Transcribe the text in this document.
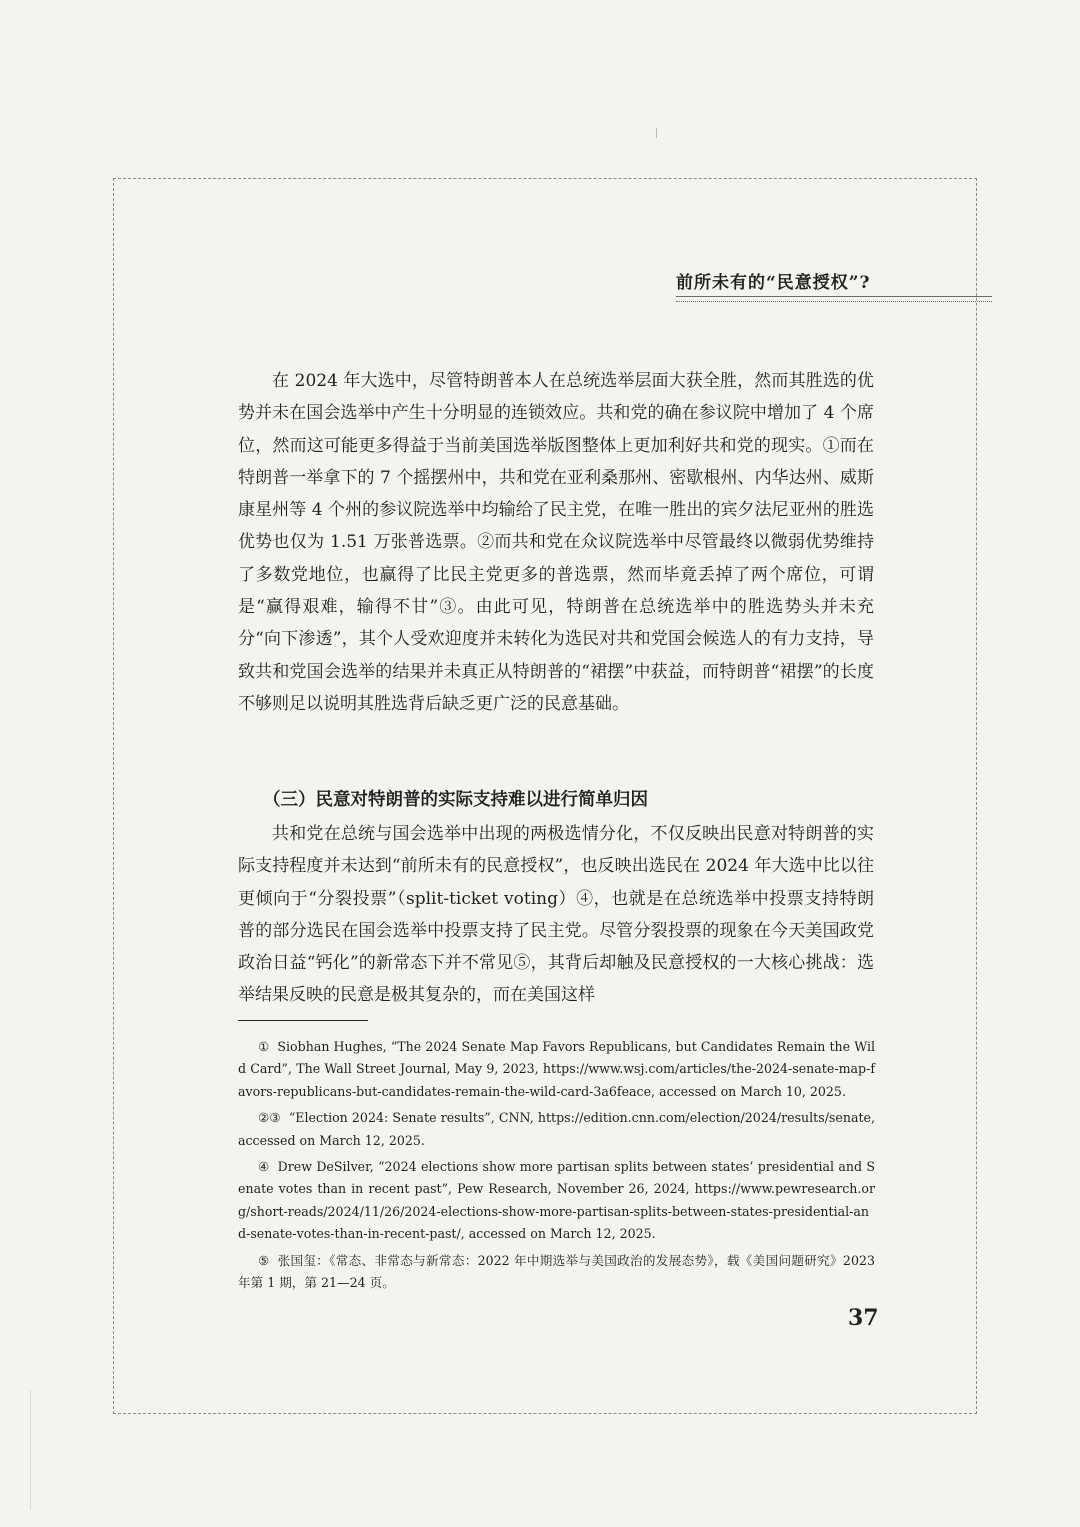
前所未有的“民意授权”?

在 2024 年大选中，尽管特朗普本人在总统选举层面大获全胜，然而其胜选的优势并未在国会选举中产生十分明显的连锁效应。共和党的确在参议院中增加了 4 个席位，然而这可能更多得益于当前美国选举版图整体上更加利好共和党的现实。①而在特朗普一举拿下的 7 个摇摆州中，共和党在亚利桑那州、密歇根州、内华达州、威斯康星州等 4 个州的参议院选举中均输给了民主党，在唯一胜出的宾夕法尼亚州的胜选优势也仅为 1.51 万张普选票。②而共和党在众议院选举中尽管最终以微弱优势维持了多数党地位，也赢得了比民主党更多的普选票，然而毕竟丢掉了两个席位，可谓是“赢得艰难，输得不甘”③。由此可见，特朗普在总统选举中的胜选势头并未充分“向下渗透”，其个人受欢迎度并未转化为选民对共和党国会候选人的有力支持，导致共和党国会选举的结果并未真正从特朗普的“裙摆”中获益，而特朗普“裙摆”的长度不够则足以说明其胜选背后缺乏更广泛的民意基础。

（三）民意对特朗普的实际支持难以进行简单归因

共和党在总统与国会选举中出现的两极选情分化，不仅反映出民意对特朗普的实际支持程度并未达到“前所未有的民意授权”，也反映出选民在 2024 年大选中比以往更倾向于“分裂投票”（split-ticket voting）④，也就是在总统选举中投票支持特朗普的部分选民在国会选举中投票支持了民主党。尽管分裂投票的现象在今天美国政党政治日益“钙化”的新常态下并不常见⑤，其背后却触及民意授权的一大核心挑战：选举结果反映的民意是极其复杂的，而在美国这样

① Siobhan Hughes, “The 2024 Senate Map Favors Republicans, but Candidates Remain the Wild Card”, The Wall Street Journal, May 9, 2023, https://www.wsj.com/articles/the-2024-senate-map-favors-republicans-but-candidates-remain-the-wild-card-3a6feace, accessed on March 10, 2025.

②③ “Election 2024: Senate results”, CNN, https://edition.cnn.com/election/2024/results/senate, accessed on March 12, 2025.

④ Drew DeSilver, “2024 elections show more partisan splits between states’ presidential and Senate votes than in recent past”, Pew Research, November 26, 2024, https://www.pewresearch.org/short-reads/2024/11/26/2024-elections-show-more-partisan-splits-between-states-presidential-and-senate-votes-than-in-recent-past/, accessed on March 12, 2025.

⑤ 张国玺：《常态、非常态与新常态：2022 年中期选举与美国政治的发展态势》，载《美国问题研究》2023 年第 1 期，第 21—24 页。

37
